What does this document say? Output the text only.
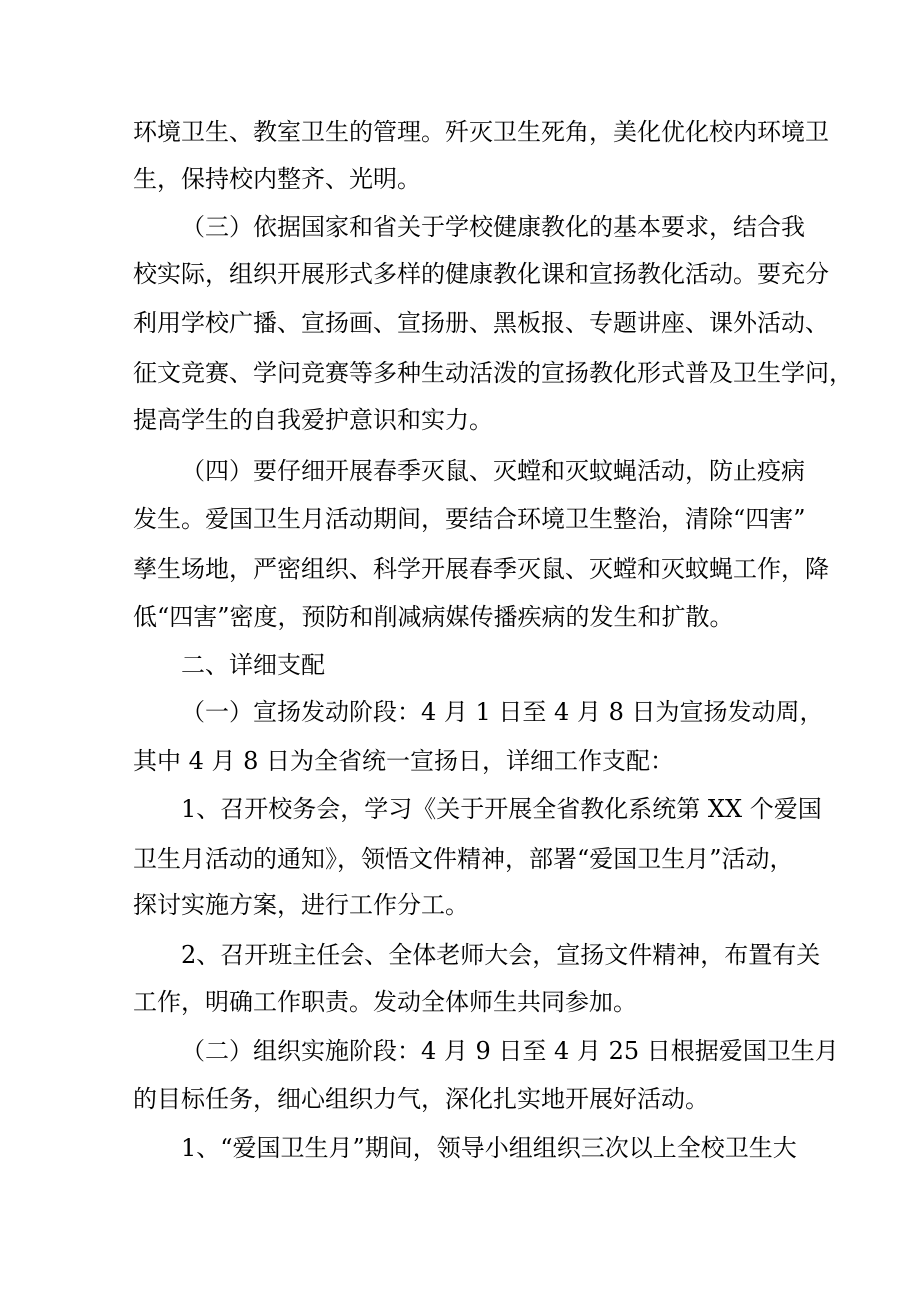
环境卫生、教室卫生的管理。歼灭卫生死角，美化优化校内环境卫
生，保持校内整齐、光明。
（三）依据国家和省关于学校健康教化的基本要求，结合我
校实际，组织开展形式多样的健康教化课和宣扬教化活动。要充分
利用学校广播、宣扬画、宣扬册、黑板报、专题讲座、课外活动、
征文竞赛、学问竞赛等多种生动活泼的宣扬教化形式普及卫生学问，
提高学生的自我爱护意识和实力。
（四）要仔细开展春季灭鼠、灭螳和灭蚊蝇活动，防止疫病
发生。爱国卫生月活动期间，要结合环境卫生整治，清除“四害”
孳生场地，严密组织、科学开展春季灭鼠、灭螳和灭蚊蝇工作，降
低“四害”密度，预防和削减病媒传播疾病的发生和扩散。
二、详细支配
（一）宣扬发动阶段：4 月 1 日至 4 月 8 日为宣扬发动周，
其中 4 月 8 日为全省统一宣扬日，详细工作支配：
1、召开校务会，学习《关于开展全省教化系统第 XX 个爱国
卫生月活动的通知》，领悟文件精神，部署“爱国卫生月”活动，
探讨实施方案，进行工作分工。
2、召开班主任会、全体老师大会，宣扬文件精神，布置有关
工作，明确工作职责。发动全体师生共同参加。
（二）组织实施阶段：4 月 9 日至 4 月 25 日根据爱国卫生月
的目标任务，细心组织力气，深化扎实地开展好活动。
1、“爱国卫生月”期间，领导小组组织三次以上全校卫生大
